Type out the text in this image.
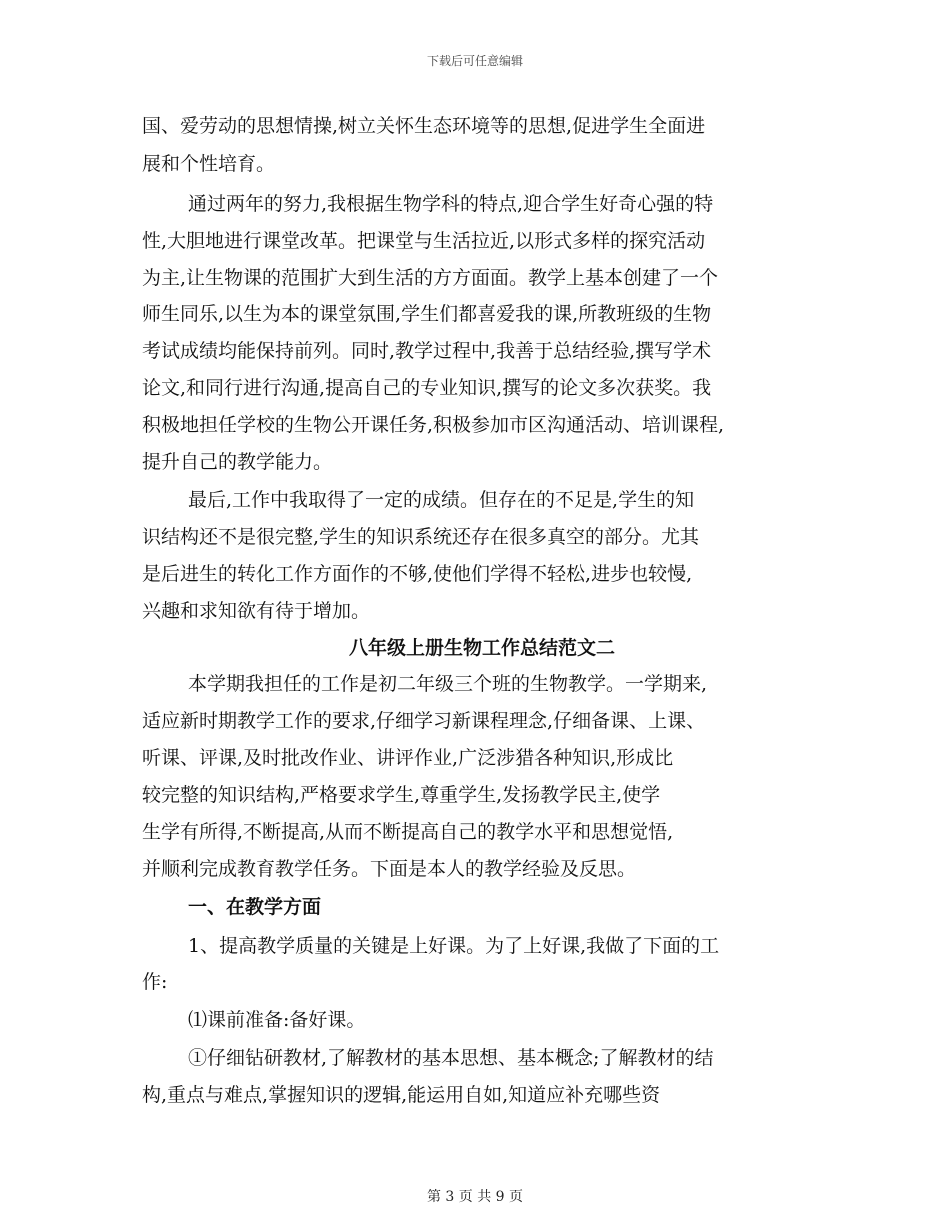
下载后可任意编辑
国、爱劳动的思想情操,树立关怀生态环境等的思想,促进学生全面进
展和个性培育。
通过两年的努力,我根据生物学科的特点,迎合学生好奇心强的特
性,大胆地进行课堂改革。把课堂与生活拉近,以形式多样的探究活动
为主,让生物课的范围扩大到生活的方方面面。教学上基本创建了一个
师生同乐,以生为本的课堂氛围,学生们都喜爱我的课,所教班级的生物
考试成绩均能保持前列。同时,教学过程中,我善于总结经验,撰写学术
论文,和同行进行沟通,提高自己的专业知识,撰写的论文多次获奖。我
积极地担任学校的生物公开课任务,积极参加市区沟通活动、培训课程,
提升自己的教学能力。
最后,工作中我取得了一定的成绩。但存在的不足是,学生的知
识结构还不是很完整,学生的知识系统还存在很多真空的部分。尤其
是后进生的转化工作方面作的不够,使他们学得不轻松,进步也较慢,
兴趣和求知欲有待于增加。
八年级上册生物工作总结范文二
本学期我担任的工作是初二年级三个班的生物教学。一学期来,
适应新时期教学工作的要求,仔细学习新课程理念,仔细备课、上课、
听课、评课,及时批改作业、讲评作业,广泛涉猎各种知识,形成比
较完整的知识结构,严格要求学生,尊重学生,发扬教学民主,使学
生学有所得,不断提高,从而不断提高自己的教学水平和思想觉悟,
并顺利完成教育教学任务。下面是本人的教学经验及反思。
一、在教学方面
1、提高教学质量的关键是上好课。为了上好课,我做了下面的工
作:
⑴课前准备:备好课。
①仔细钻研教材,了解教材的基本思想、基本概念;了解教材的结
构,重点与难点,掌握知识的逻辑,能运用自如,知道应补充哪些资
第 3 页 共 9 页
